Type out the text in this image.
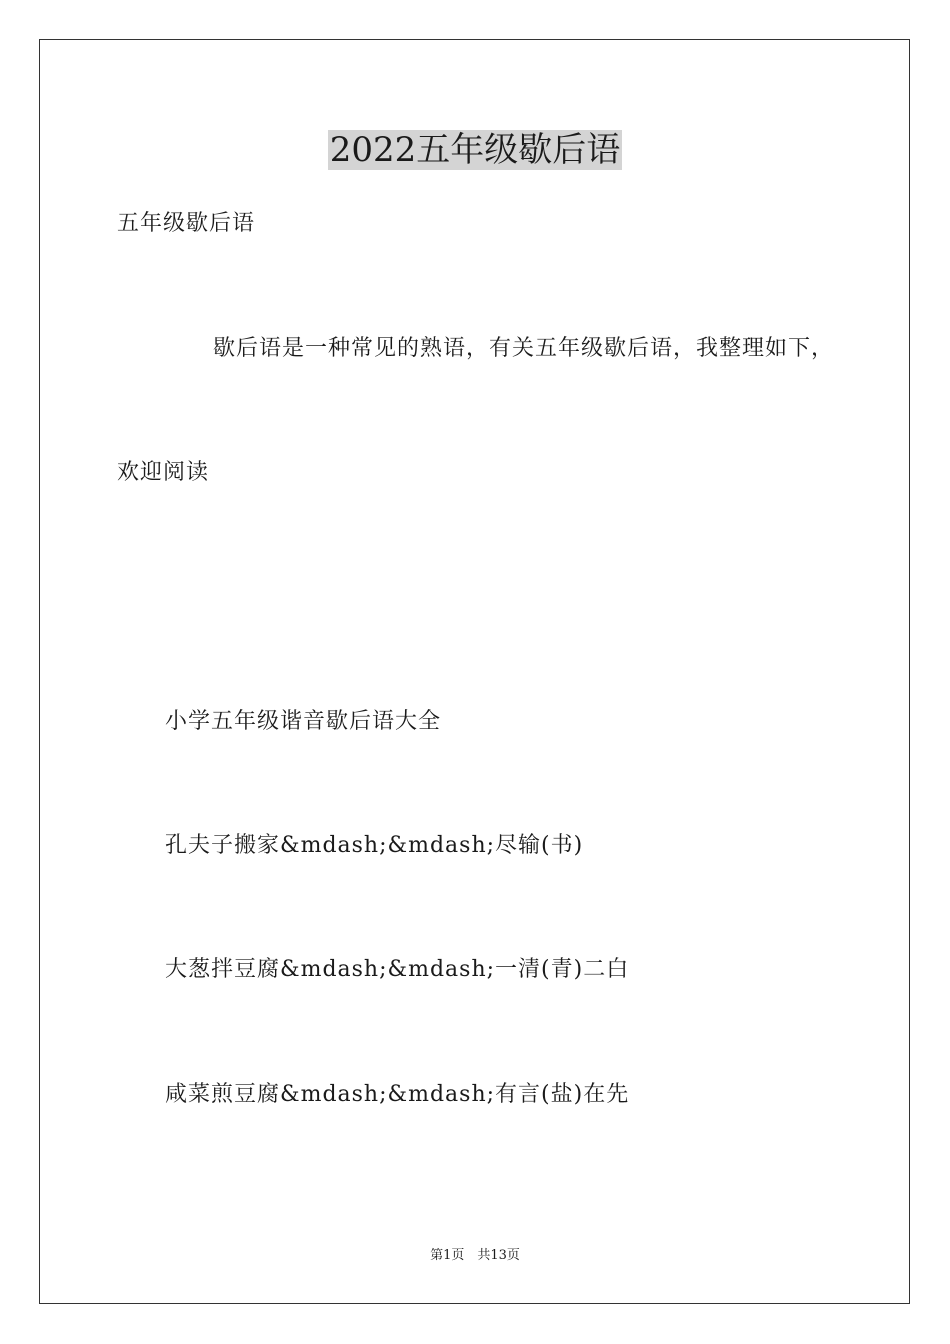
2022五年级歇后语
五年级歇后语
歇后语是一种常见的熟语，有关五年级歇后语，我整理如下，
欢迎阅读
小学五年级谐音歇后语大全
孔夫子搬家&mdash;&mdash;尽输(书)
大葱拌豆腐&mdash;&mdash;一清(青)二白
咸菜煎豆腐&mdash;&mdash;有言(盐)在先
第1页　共13页
